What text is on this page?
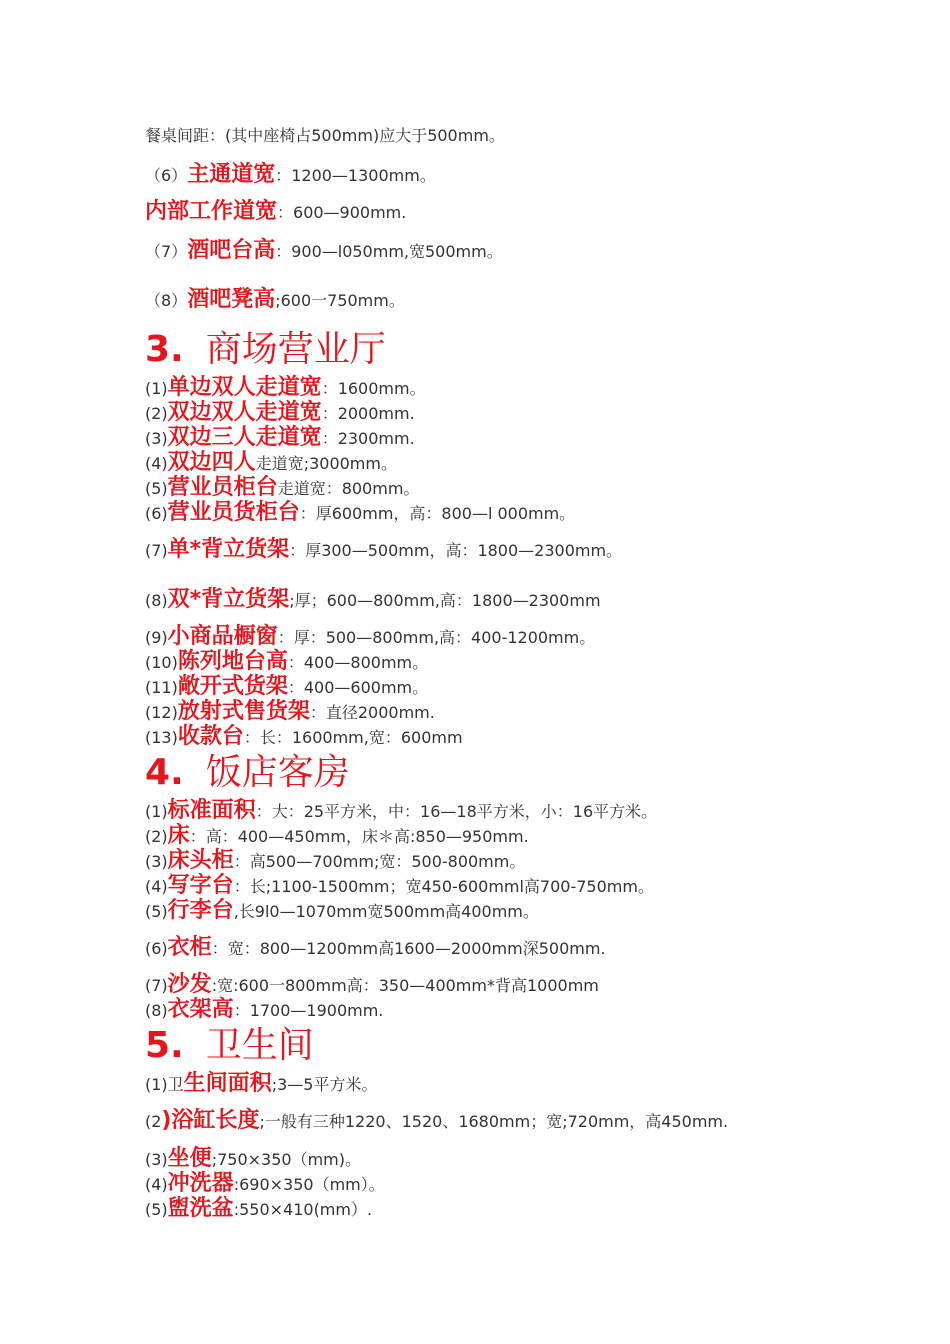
餐桌间距：(其中座椅占500mm)应大于500mm。
（6） 主通道宽 ：1200—1300mm。
内部工作道宽 ：600—900mm.
（7） 酒吧台高 ：900—l050mm,宽500mm。
（8） 酒吧凳高 ;600一750mm。
3. 商场营业厅
(1) 单边双人走道宽 ：1600mm。
(2) 双边双人走道宽 ：2000mm.
(3) 双边三人走道宽 ：2300mm.
(4) 双边四人 走道宽;3000mm。
(5) 营业员柜台 走道宽：800mm。
(6) 营业员货柜台 ：厚600mm，高：800—l 000mm。
(7) 单*背立货架 ：厚300—500mm，高：1800—2300mm。
(8) 双*背立货架 ;厚；600—800mm,高：1800—2300mm
(9) 小商品橱窗 ：厚：500—800mm,高：400-1200mm。
(10) 陈列地台高 ：400—800mm。
(11) 敞开式货架 ：400—600mm。
(12) 放射式售货架 ：直径2000mm.
(13) 收款台 ：长：1600mm,宽：600mm
4. 饭店客房
(1) 标准面积 ：大：25平方米，中：16—18平方米，小：16平方米。
(2) 床 ：高：400—450mm，床＊高:850—950mm.
(3) 床头柜 ：高500—700mm;宽：500-800mm。
(4) 写字台 ：长;1100-1500mm；宽450-600mml高700-750mm。
(5) 行李台 ,长9l0—1070mm宽500mm高400mm。
(6) 衣柜 ：宽：800—1200mm高1600—2000mm深500mm.
(7) 沙发 :宽:600一800mm高：350—400mm*背高1000mm
(8) 衣架高 ：1700—1900mm.
5. 卫生间
(1)卫 生间面积 ;3—5平方米。
(2 )浴缸长度 ;一般有三种1220、1520、1680mm；宽;720mm，高450mm.
(3) 坐便 ;750×350（mm)。
(4) 冲洗器 :690×350（mm）。
(5) 盥洗盆 :550×410(mm）.
